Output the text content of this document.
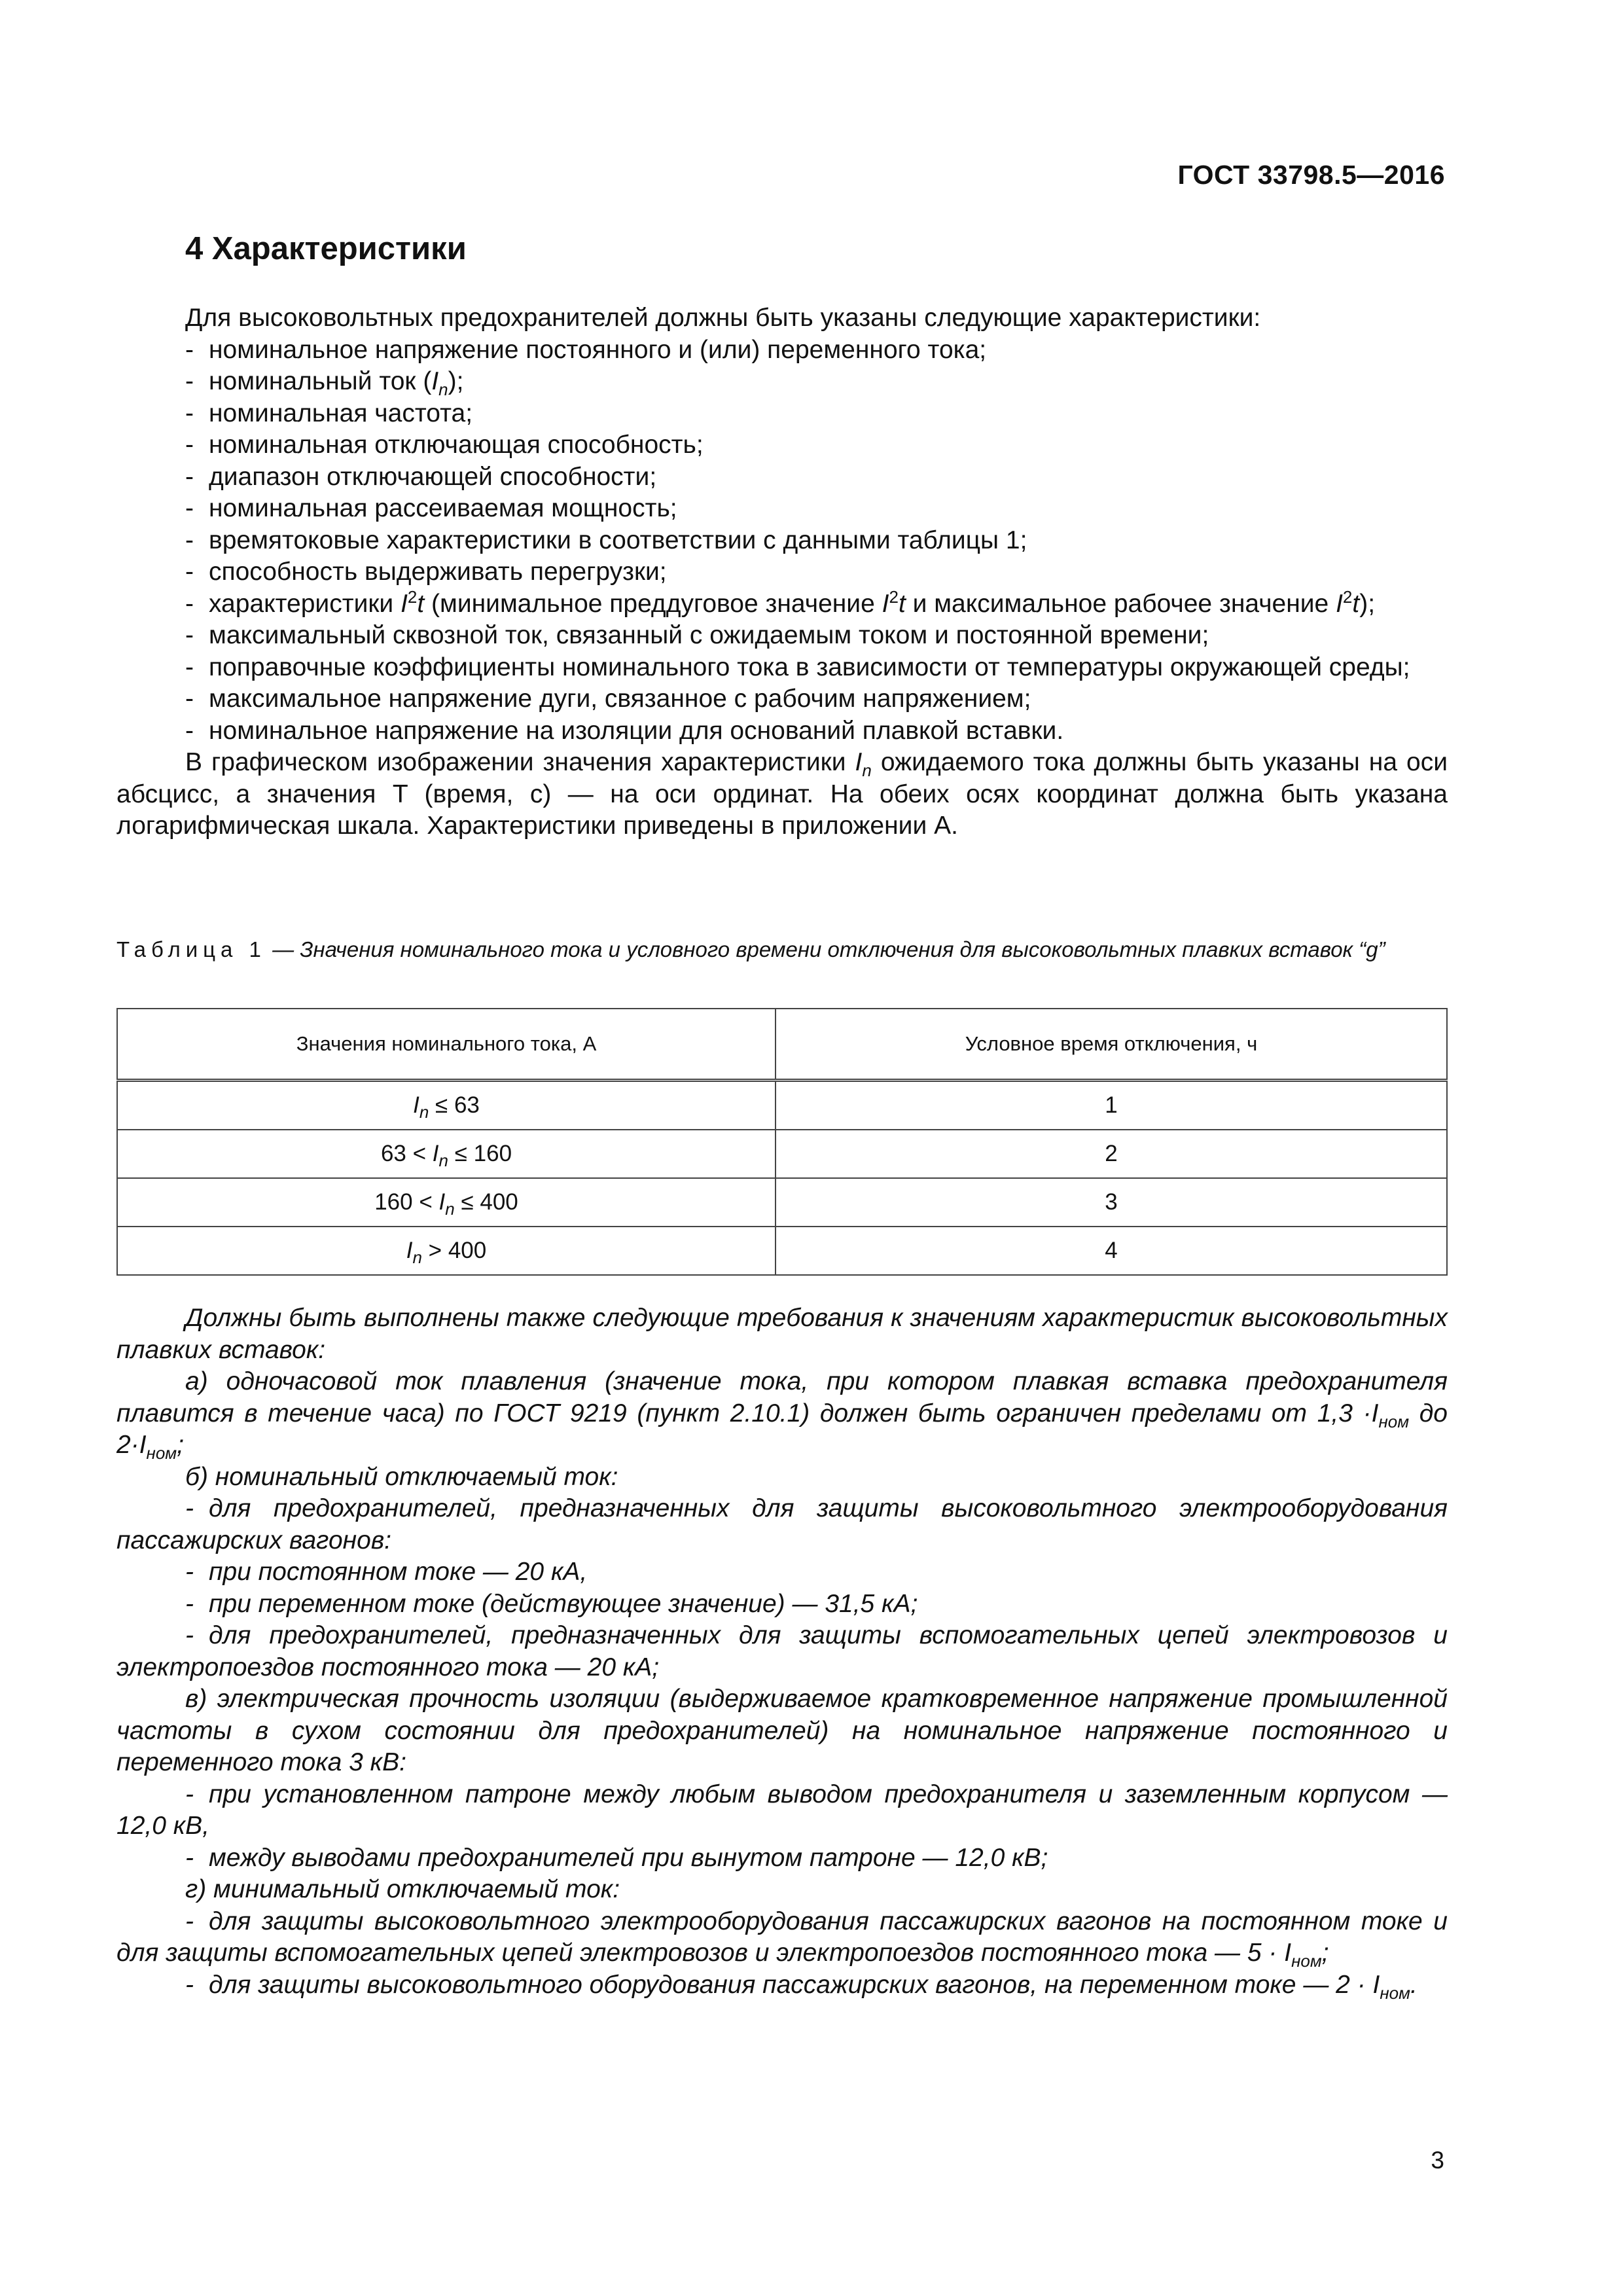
ГОСТ 33798.5—2016
4 Характеристики

Для высоковольтных предохранителей должны быть указаны следующие характеристики:

- номинальное напряжение постоянного и (или) переменного тока;

- номинальный ток $(I_n)$;

- номинальная частота;

- номинальная отключающая способность;

- диапазон отключающей способности;

- номинальная рассеиваемая мощность;

- времятоковые характеристики в соответствии с данными таблицы 1;

- способность выдерживать перегрузки;

- характеристики $I^2t$ (минимальное преддуговое значение $I^2t$ и максимальное рабочее значение $I^2t$);

- максимальный сквозной ток, связанный с ожидаемым током и постоянной времени;

- поправочные коэффициенты номинального тока в зависимости от температуры окружающей среды;

- максимальное напряжение дуги, связанное с рабочим напряжением;

- номинальное напряжение на изоляции для оснований плавкой вставки.

В графическом изображении значения характеристики $I_n$ ожидаемого тока должны быть указаны на оси абсцисс, а значения T (время, с) — на оси ординат. На обеих осях координат должна быть указана логарифмическая шкала. Характеристики приведены в приложении А.

Таблица 1 — Значения номинального тока и условного времени отключения для высоковольтных плавких вставок “g”
Значения номинального тока, А	Условное время отключения, ч
$I_n \le 63$	1
$63 < I_n \le 160$	2
$160 < I_n \le 400$	3
$I_n > 400$	4

Должны быть выполнены также следующие требования к значениям характеристик высоковольтных плавких вставок:

а) одночасовой ток плавления (значение тока, при котором плавкая вставка предохранителя плавится в течение часа) по ГОСТ 9219 (пункт 2.10.1) должен быть ограничен пределами от $1,3 \cdot I_{ном}$ до $2\cdot I_{ном}$;

б) номинальный отключаемый ток:

- для предохранителей, предназначенных для защиты высоковольтного электрооборудования пассажирских вагонов:

- при постоянном токе — 20 кА,

- при переменном токе (действующее значение) — 31,5 кА;

- для предохранителей, предназначенных для защиты вспомогательных цепей электровозов и электропоездов постоянного тока — 20 кА;

в) электрическая прочность изоляции (выдерживаемое кратковременное напряжение промышленной частоты в сухом состоянии для предохранителей) на номинальное напряжение постоянного и переменного тока 3 кВ:

- при установленном патроне между любым выводом предохранителя и заземленным корпусом — 12,0 кВ,

- между выводами предохранителей при вынутом патроне — 12,0 кВ;

г) минимальный отключаемый ток:

- для защиты высоковольтного электрооборудования пассажирских вагонов на постоянном токе и для защиты вспомогательных цепей электровозов и электропоездов постоянного тока — $5 \cdot I_{ном}$;

- для защиты высоковольтного оборудования пассажирских вагонов, на переменном токе — $2 \cdot I_{ном}$.

3
